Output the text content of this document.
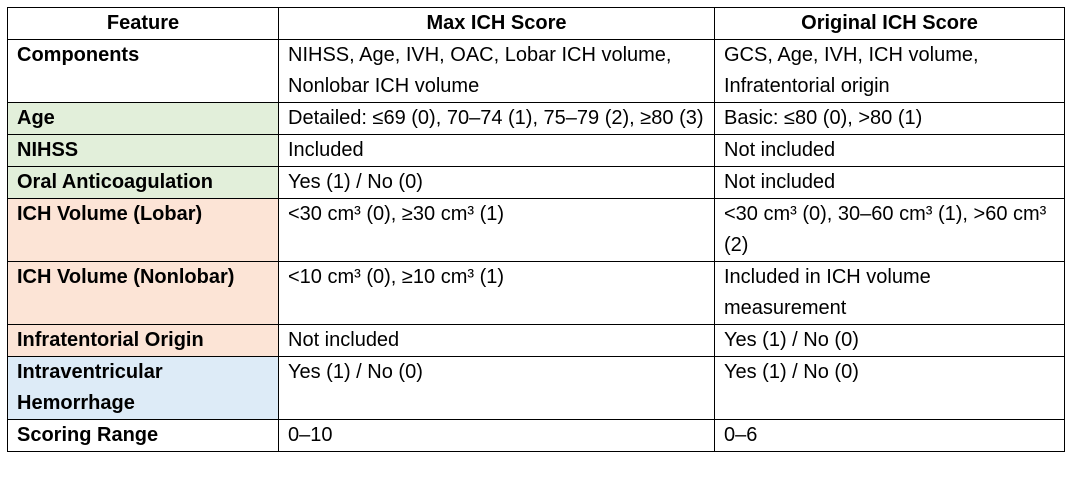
Feature	Max ICH Score	Original ICH Score
Components	NIHSS, Age, IVH, OAC, Lobar ICH volume, Nonlobar ICH volume	GCS, Age, IVH, ICH volume, Infratentorial origin
Age	Detailed: ≤69 (0), 70–74 (1), 75–79 (2), ≥80 (3)	Basic: ≤80 (0), >80 (1)
NIHSS	Included	Not included
Oral Anticoagulation	Yes (1) / No (0)	Not included
ICH Volume (Lobar)	<30 cm³ (0), ≥30 cm³ (1)	<30 cm³ (0), 30–60 cm³ (1), >60 cm³ (2)
ICH Volume (Nonlobar)	<10 cm³ (0), ≥10 cm³ (1)	Included in ICH volume measurement
Infratentorial Origin	Not included	Yes (1) / No (0)
Intraventricular Hemorrhage	Yes (1) / No (0)	Yes (1) / No (0)
Scoring Range	0–10	0–6
